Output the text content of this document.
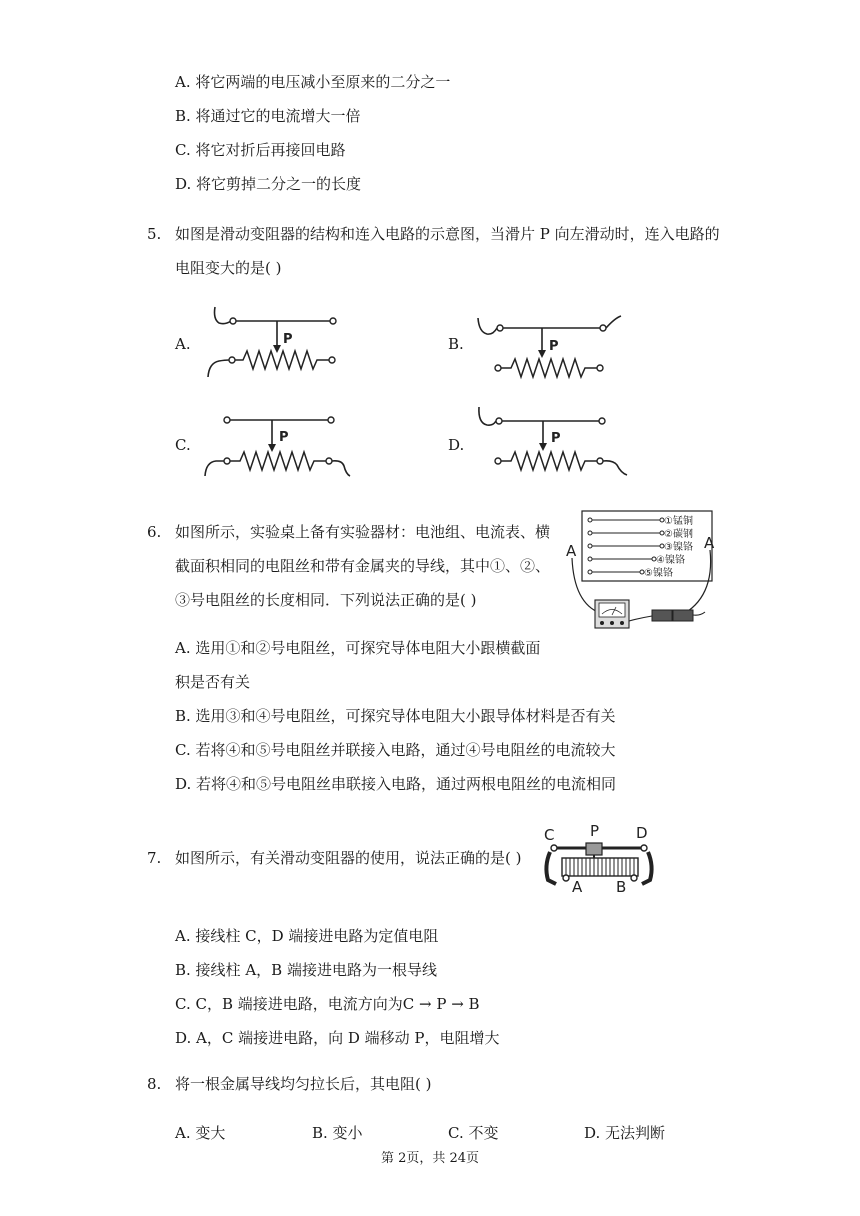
A. 将它两端的电压减小至原来的二分之一
B. 将通过它的电流增大一倍
C. 将它对折后再接回电路
D. 将它剪掉二分之一的长度
5. 如图是滑动变阻器的结构和连入电路的示意图，当滑片 P 向左滑动时，连入电路的
电阻变大的是( )
A.	B.
C.	D.
P	P
P	P
6. 如图所示，实验桌上备有实验器材：电池组、电流表、横
截面积相同的电阻丝和带有金属夹的导线，其中①、②、
③号电阻丝的长度相同．下列说法正确的是( )
A. 选用①和②号电阻丝，可探究导体电阻大小跟横截面
积是否有关
B. 选用③和④号电阻丝，可探究导体电阻大小跟导体材料是否有关
C. 若将④和⑤号电阻丝并联接入电路，通过④号电阻丝的电流较大
D. 若将④和⑤号电阻丝串联接入电路，通过两根电阻丝的电流相同
①锰铜
②碳钢
③镍铬
④镍铬
⑤镍铬
A	A
7. 如图所示，有关滑动变阻器的使用，说法正确的是( )
C P D
A B
A. 接线柱 C，D 端接进电路为定值电阻
B. 接线柱 A，B 端接进电路为一根导线
C. C，B 端接进电路，电流方向为C → P → B
D. A，C 端接进电路，向 D 端移动 P，电阻增大
8. 将一根金属导线均匀拉长后，其电阻( )
A. 变大	B. 变小	C. 不变	D. 无法判断
第 2页，共 24页
